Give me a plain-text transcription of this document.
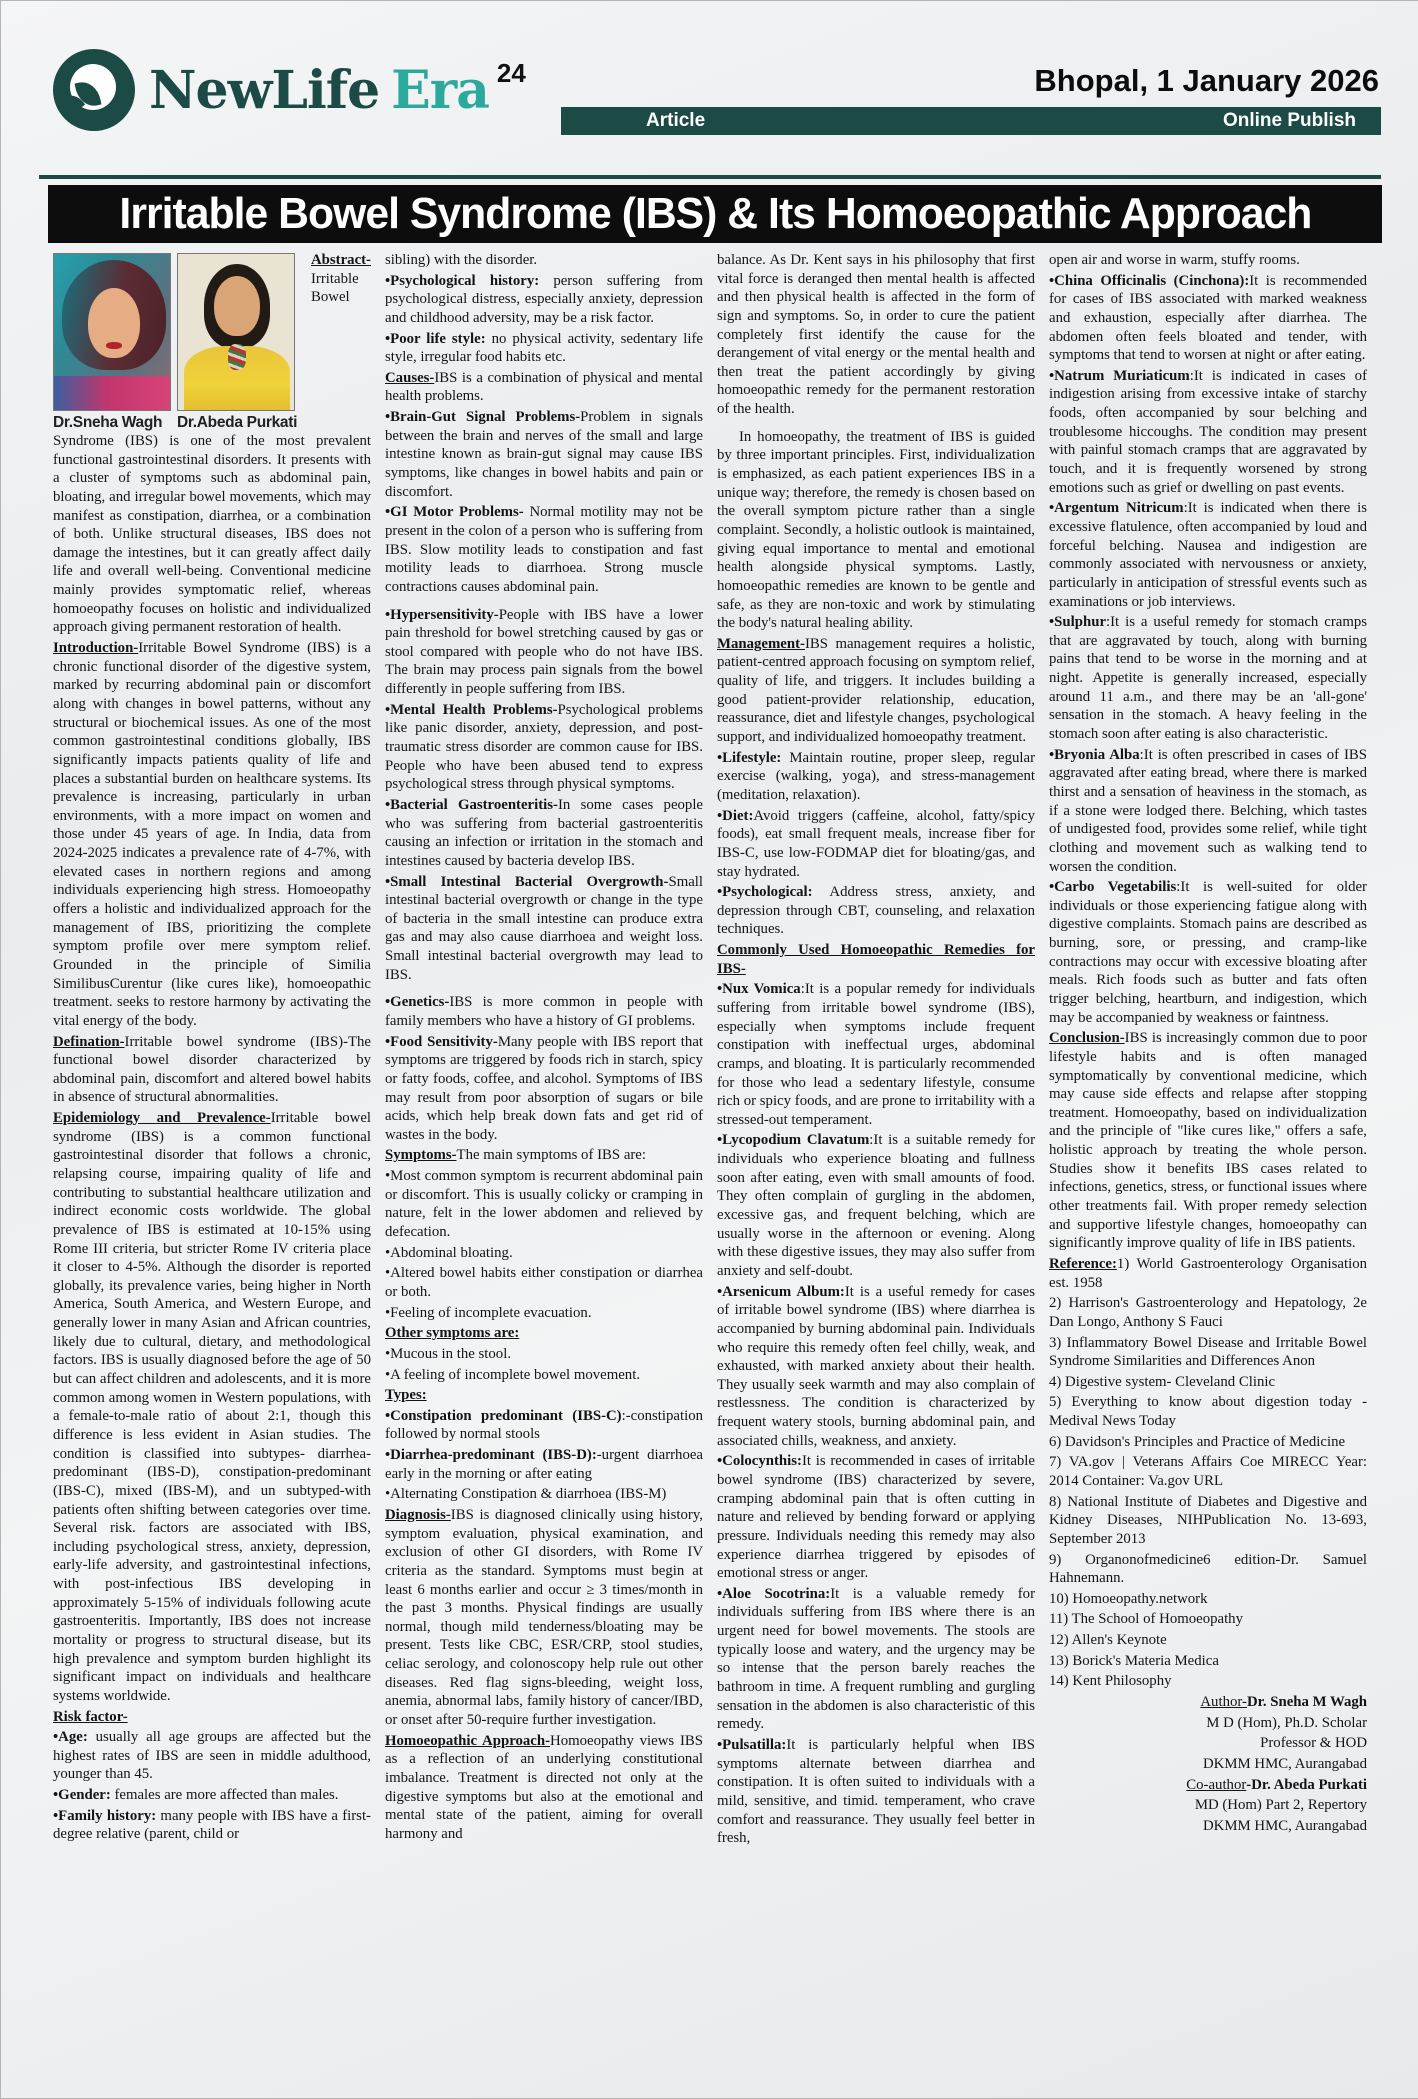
NewLife Era 24	Bhopal, 1 January 2026
Article	Online Publish
Irritable Bowel Syndrome (IBS) & Its Homoeopathic Approach
Dr.Sneha Wagh Dr.Abeda Purkati

Abstract-Irritable Bowel Syndrome (IBS) is one of the most prevalent functional gastrointestinal disorders. It presents with a cluster of symptoms such as abdominal pain, bloating, and irregular bowel movements, which may manifest as constipation, diarrhea, or a combination of both. Unlike structural diseases, IBS does not damage the intestines, but it can greatly affect daily life and overall well-being. Conventional medicine mainly provides symptomatic relief, whereas homoeopathy focuses on holistic and individualized approach giving permanent restoration of health.

Introduction-Irritable Bowel Syndrome (IBS) is a chronic functional disorder of the digestive system, marked by recurring abdominal pain or discomfort along with changes in bowel patterns, without any structural or biochemical issues. As one of the most common gastrointestinal conditions globally, IBS significantly impacts patients quality of life and places a substantial burden on healthcare systems. Its prevalence is increasing, particularly in urban environments, with a more impact on women and those under 45 years of age. In India, data from 2024-2025 indicates a prevalence rate of 4-7%, with elevated cases in northern regions and among individuals experiencing high stress. Homoeopathy offers a holistic and individualized approach for the management of IBS, prioritizing the complete symptom profile over mere symptom relief. Grounded in the principle of Similia SimilibusCurentur (like cures like), homoeopathic treatment. seeks to restore harmony by activating the vital energy of the body.

Defination-Irritable bowel syndrome (IBS)-The functional bowel disorder characterized by abdominal pain, discomfort and altered bowel habits in absence of structural abnormalities.

Epidemiology and Prevalence-Irritable bowel syndrome (IBS) is a common functional gastrointestinal disorder that follows a chronic, relapsing course, impairing quality of life and contributing to substantial healthcare utilization and indirect economic costs worldwide. The global prevalence of IBS is estimated at 10-15% using Rome III criteria, but stricter Rome IV criteria place it closer to 4-5%. Although the disorder is reported globally, its prevalence varies, being higher in North America, South America, and Western Europe, and generally lower in many Asian and African countries, likely due to cultural, dietary, and methodological factors. IBS is usually diagnosed before the age of 50 but can affect children and adolescents, and it is more common among women in Western populations, with a female-to-male ratio of about 2:1, though this difference is less evident in Asian studies. The condition is classified into subtypes- diarrhea-predominant (IBS-D), constipation-predominant (IBS-C), mixed (IBS-M), and un subtyped-with patients often shifting between categories over time. Several risk. factors are associated with IBS, including psychological stress, anxiety, depression, early-life adversity, and gastrointestinal infections, with post-infectious IBS developing in approximately 5-15% of individuals following acute gastroenteritis. Importantly, IBS does not increase mortality or progress to structural disease, but its high prevalence and symptom burden highlight its significant impact on individuals and healthcare systems worldwide.

Risk factor-

•Age: usually all age groups are affected but the highest rates of IBS are seen in middle adulthood, younger than 45.

•Gender: females are more affected than males.

•Family history: many people with IBS have a first-degree relative (parent, child or

sibling) with the disorder.

•Psychological history: person suffering from psychological distress, especially anxiety, depression and childhood adversity, may be a risk factor.

•Poor life style: no physical activity, sedentary life style, irregular food habits etc.

Causes-IBS is a combination of physical and mental health problems.

•Brain-Gut Signal Problems-Problem in signals between the brain and nerves of the small and large intestine known as brain-gut signal may cause IBS symptoms, like changes in bowel habits and pain or discomfort.

•GI Motor Problems- Normal motility may not be present in the colon of a person who is suffering from IBS. Slow motility leads to constipation and fast motility leads to diarrhoea. Strong muscle contractions causes abdominal pain.

•Hypersensitivity-People with IBS have a lower pain threshold for bowel stretching caused by gas or stool compared with people who do not have IBS. The brain may process pain signals from the bowel differently in people suffering from IBS.

•Mental Health Problems-Psychological problems like panic disorder, anxiety, depression, and post-traumatic stress disorder are common cause for IBS. People who have been abused tend to express psychological stress through physical symptoms.

•Bacterial Gastroenteritis-In some cases people who was suffering from bacterial gastroenteritis causing an infection or irritation in the stomach and intestines caused by bacteria develop IBS.

•Small Intestinal Bacterial Overgrowth-Small intestinal bacterial overgrowth or change in the type of bacteria in the small intestine can produce extra gas and may also cause diarrhoea and weight loss. Small intestinal bacterial overgrowth may lead to IBS.

•Genetics-IBS is more common in people with family members who have a history of GI problems.

•Food Sensitivity-Many people with IBS report that symptoms are triggered by foods rich in starch, spicy or fatty foods, coffee, and alcohol. Symptoms of IBS may result from poor absorption of sugars or bile acids, which help break down fats and get rid of wastes in the body.

Symptoms-The main symptoms of IBS are:

•Most common symptom is recurrent abdominal pain or discomfort. This is usually colicky or cramping in nature, felt in the lower abdomen and relieved by defecation.

•Abdominal bloating.

•Altered bowel habits either constipation or diarrhea or both.

•Feeling of incomplete evacuation.

Other symptoms are:

•Mucous in the stool.

•A feeling of incomplete bowel movement.

Types:

•Constipation predominant (IBS-C):-constipation followed by normal stools

•Diarrhea-predominant (IBS-D):-urgent diarrhoea early in the morning or after eating

•Alternating Constipation & diarrhoea (IBS-M)

Diagnosis-IBS is diagnosed clinically using history, symptom evaluation, physical examination, and exclusion of other GI disorders, with Rome IV criteria as the standard. Symptoms must begin at least 6 months earlier and occur ≥ 3 times/month in the past 3 months. Physical findings are usually normal, though mild tenderness/bloating may be present. Tests like CBC, ESR/CRP, stool studies, celiac serology, and colonoscopy help rule out other diseases. Red flag signs-bleeding, weight loss, anemia, abnormal labs, family history of cancer/IBD, or onset after 50-require further investigation.

Homoeopathic Approach-Homoeopathy views IBS as a reflection of an underlying constitutional imbalance. Treatment is directed not only at the digestive symptoms but also at the emotional and mental state of the patient, aiming for overall harmony and

balance. As Dr. Kent says in his philosophy that first vital force is deranged then mental health is affected and then physical health is affected in the form of sign and symptoms. So, in order to cure the patient completely first identify the cause for the derangement of vital energy or the mental health and then treat the patient accordingly by giving homoeopathic remedy for the permanent restoration of the health.

In homoeopathy, the treatment of IBS is guided by three important principles. First, individualization is emphasized, as each patient experiences IBS in a unique way; therefore, the remedy is chosen based on the overall symptom picture rather than a single complaint. Secondly, a holistic outlook is maintained, giving equal importance to mental and emotional health alongside physical symptoms. Lastly, homoeopathic remedies are known to be gentle and safe, as they are non-toxic and work by stimulating the body's natural healing ability.

Management-IBS management requires a holistic, patient-centred approach focusing on symptom relief, quality of life, and triggers. It includes building a good patient-provider relationship, education, reassurance, diet and lifestyle changes, psychological support, and individualized homoeopathy treatment.

•Lifestyle: Maintain routine, proper sleep, regular exercise (walking, yoga), and stress-management (meditation, relaxation).

•Diet:Avoid triggers (caffeine, alcohol, fatty/spicy foods), eat small frequent meals, increase fiber for IBS-C, use low-FODMAP diet for bloating/gas, and stay hydrated.

•Psychological: Address stress, anxiety, and depression through CBT, counseling, and relaxation techniques.

Commonly Used Homoeopathic Remedies for IBS-

•Nux Vomica:It is a popular remedy for individuals suffering from irritable bowel syndrome (IBS), especially when symptoms include frequent constipation with ineffectual urges, abdominal cramps, and bloating. It is particularly recommended for those who lead a sedentary lifestyle, consume rich or spicy foods, and are prone to irritability with a stressed-out temperament.

•Lycopodium Clavatum:It is a suitable remedy for individuals who experience bloating and fullness soon after eating, even with small amounts of food. They often complain of gurgling in the abdomen, excessive gas, and frequent belching, which are usually worse in the afternoon or evening. Along with these digestive issues, they may also suffer from anxiety and self-doubt.

•Arsenicum Album:It is a useful remedy for cases of irritable bowel syndrome (IBS) where diarrhea is accompanied by burning abdominal pain. Individuals who require this remedy often feel chilly, weak, and exhausted, with marked anxiety about their health. They usually seek warmth and may also complain of restlessness. The condition is characterized by frequent watery stools, burning abdominal pain, and associated chills, weakness, and anxiety.

•Colocynthis:It is recommended in cases of irritable bowel syndrome (IBS) characterized by severe, cramping abdominal pain that is often cutting in nature and relieved by bending forward or applying pressure. Individuals needing this remedy may also experience diarrhea triggered by episodes of emotional stress or anger.

•Aloe Socotrina:It is a valuable remedy for individuals suffering from IBS where there is an urgent need for bowel movements. The stools are typically loose and watery, and the urgency may be so intense that the person barely reaches the bathroom in time. A frequent rumbling and gurgling sensation in the abdomen is also characteristic of this remedy.

•Pulsatilla:It is particularly helpful when IBS symptoms alternate between diarrhea and constipation. It is often suited to individuals with a mild, sensitive, and timid. temperament, who crave comfort and reassurance. They usually feel better in fresh,

open air and worse in warm, stuffy rooms.

•China Officinalis (Cinchona):It is recommended for cases of IBS associated with marked weakness and exhaustion, especially after diarrhea. The abdomen often feels bloated and tender, with symptoms that tend to worsen at night or after eating.

•Natrum Muriaticum:It is indicated in cases of indigestion arising from excessive intake of starchy foods, often accompanied by sour belching and troublesome hiccoughs. The condition may present with painful stomach cramps that are aggravated by touch, and it is frequently worsened by strong emotions such as grief or dwelling on past events.

•Argentum Nitricum:It is indicated when there is excessive flatulence, often accompanied by loud and forceful belching. Nausea and indigestion are commonly associated with nervousness or anxiety, particularly in anticipation of stressful events such as examinations or job interviews.

•Sulphur:It is a useful remedy for stomach cramps that are aggravated by touch, along with burning pains that tend to be worse in the morning and at night. Appetite is generally increased, especially around 11 a.m., and there may be an 'all-gone' sensation in the stomach. A heavy feeling in the stomach soon after eating is also characteristic.

•Bryonia Alba:It is often prescribed in cases of IBS aggravated after eating bread, where there is marked thirst and a sensation of heaviness in the stomach, as if a stone were lodged there. Belching, which tastes of undigested food, provides some relief, while tight clothing and movement such as walking tend to worsen the condition.

•Carbo Vegetabilis:It is well-suited for older individuals or those experiencing fatigue along with digestive complaints. Stomach pains are described as burning, sore, or pressing, and cramp-like contractions may occur with excessive bloating after meals. Rich foods such as butter and fats often trigger belching, heartburn, and indigestion, which may be accompanied by weakness or faintness.

Conclusion-IBS is increasingly common due to poor lifestyle habits and is often managed symptomatically by conventional medicine, which may cause side effects and relapse after stopping treatment. Homoeopathy, based on individualization and the principle of "like cures like," offers a safe, holistic approach by treating the whole person. Studies show it benefits IBS cases related to infections, genetics, stress, or functional issues where other treatments fail. With proper remedy selection and supportive lifestyle changes, homoeopathy can significantly improve quality of life in IBS patients.

Reference:1) World Gastroenterology Organisation est. 1958

2) Harrison's Gastroenterology and Hepatology, 2e Dan Longo, Anthony S Fauci

3) Inflammatory Bowel Disease and Irritable Bowel Syndrome Similarities and Differences Anon

4) Digestive system- Cleveland Clinic

5) Everything to know about digestion today - Medival News Today

6) Davidson's Principles and Practice of Medicine

7) VA.gov | Veterans Affairs Coe MIRECC Year: 2014 Container: Va.gov URL

8) National Institute of Diabetes and Digestive and Kidney Diseases, NIHPublication No. 13-693, September 2013

9) Organonofmedicine6 edition-Dr. Samuel Hahnemann.

10) Homoeopathy.network

11) The School of Homoeopathy

12) Allen's Keynote

13) Borick's Materia Medica

14) Kent Philosophy

Author-Dr. Sneha M Wagh

M D (Hom), Ph.D. Scholar

Professor & HOD

DKMM HMC, Aurangabad

Co-author-Dr. Abeda Purkati

MD (Hom) Part 2, Repertory

DKMM HMC, Aurangabad
